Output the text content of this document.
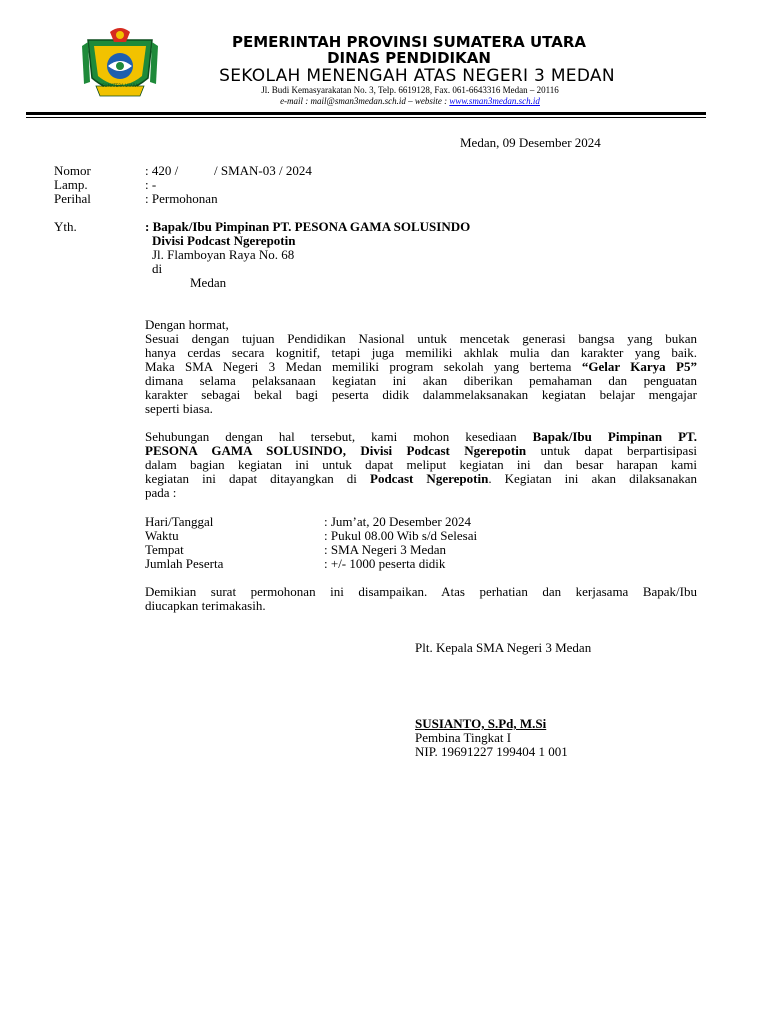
SUMATERA UTARA
PEMERINTAH PROVINSI SUMATERA UTARA
DINAS PENDIDIKAN
SEKOLAH MENENGAH ATAS NEGERI 3 MEDAN
Jl. Budi Kemasyarakatan No. 3, Telp. 6619128, Fax. 061-6643316 Medan – 20116
e-mail : mail@sman3medan.sch.id – website : www.sman3medan.sch.id
Medan, 09 Desember 2024
Nomor	: 420 /           / SMAN-03 / 2024
Lamp.	: -
Perihal	: Permohonan
Yth.	: Bapak/Ibu Pimpinan PT. PESONA GAMA SOLUSINDO
Divisi Podcast Ngerepotin
Jl. Flamboyan Raya No. 68
di
Medan
Dengan hormat,
Sesuai dengan tujuan Pendidikan Nasional untuk mencetak generasi bangsa yang bukan
hanya cerdas secara kognitif, tetapi juga memiliki akhlak mulia dan karakter yang baik.
Maka SMA Negeri 3 Medan memiliki program sekolah yang bertema “Gelar Karya P5”
dimana selama pelaksanaan kegiatan ini akan diberikan pemahaman dan penguatan
karakter sebagai bekal bagi peserta didik dalammelaksanakan kegiatan belajar mengajar
seperti biasa.
Sehubungan dengan hal tersebut, kami mohon kesediaan Bapak/Ibu Pimpinan PT.
PESONA GAMA SOLUSINDO, Divisi Podcast Ngerepotin untuk dapat berpartisipasi
dalam bagian kegiatan ini untuk dapat meliput kegiatan ini dan besar harapan kami
kegiatan ini dapat ditayangkan di Podcast Ngerepotin. Kegiatan ini akan dilaksanakan
pada :
Hari/Tanggal	: Jum’at, 20 Desember 2024
Waktu	: Pukul 08.00 Wib s/d Selesai
Tempat	: SMA Negeri 3 Medan
Jumlah Peserta	: +/- 1000 peserta didik
Demikian surat permohonan ini disampaikan. Atas perhatian dan kerjasama Bapak/Ibu
diucapkan terimakasih.
Plt. Kepala SMA Negeri 3 Medan
SUSIANTO, S.Pd, M.Si
Pembina Tingkat I
NIP. 19691227 199404 1 001
